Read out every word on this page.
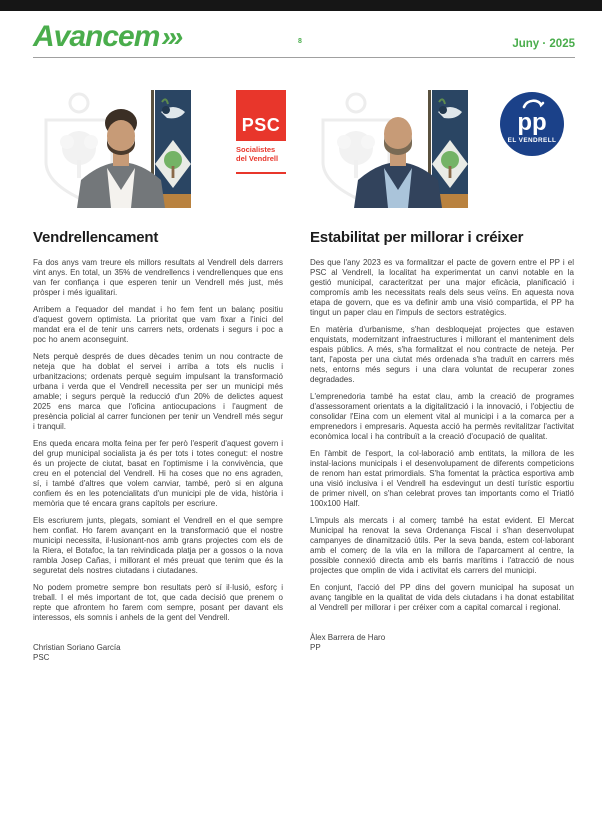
Avancem›››	8	Juny · 2025
PSC
Socialistes
del Vendrell
pp
EL VENDRELL
Vendrellencament

Fa dos anys vam treure els millors resultats al Vendrell dels darrers vint anys. En total, un 35% de vendrellencs i vendrellenques que ens van fer confiança i que esperen tenir un Vendrell més just, més pròsper i més igualitari.

Arribem a l'equador del mandat i ho fem fent un balanç positiu d'aquest govern optimista. La prioritat que vam fixar a l'inici del mandat era el de tenir uns carrers nets, ordenats i segurs i poc a poc ho anem aconseguint.

Nets perquè després de dues dècades tenim un nou contracte de neteja que ha doblat el servei i arriba a tots els nuclis i urbanitzacions; ordenats perquè seguim impulsant la transformació urbana i verda que el Vendrell necessita per ser un municipi més amable; i segurs perquè la reducció d'un 20% de delictes aquest 2025 ens marca que l'oficina antiocupacions i l'augment de presència policial al carrer funcionen per tenir un Vendrell més segur i tranquil.

Ens queda encara molta feina per fer però l'esperit d'aquest govern i del grup municipal socialista ja és per tots i totes conegut: el nostre és un projecte de ciutat, basat en l'optimisme i la convivència, que creu en el potencial del Vendrell. Hi ha coses que no ens agraden, sí, i també d'altres que volem canviar, també, però si en alguna confiem és en les potencialitats d'un municipi ple de vida, història i memòria que té encara grans capítols per escriure.

Els escriurem junts, plegats, somiant el Vendrell en el que sempre hem confiat. Ho farem avançant en la transformació que el nostre municipi necessita, il·lusionant-nos amb grans projectes com els de la Riera, el Botafoc, la tan reivindicada platja per a gossos o la nova rambla Josep Cañas, i millorant el més preuat que tenim que és la seguretat dels nostres ciutadans i ciutadanes.

No podem prometre sempre bon resultats però sí il·lusió, esforç i treball. I el més important de tot, que cada decisió que prenem o repte que afrontem ho farem com sempre, posant per davant els interessos, els somnis i anhels de la gent del Vendrell.

Christian Soriano García
PSC
Estabilitat per millorar i créixer

Des que l'any 2023 es va formalitzar el pacte de govern entre el PP i el PSC al Vendrell, la localitat ha experimentat un canvi notable en la gestió municipal, caracteritzat per una major eficàcia, planificació i compromís amb les necessitats reals dels seus veïns. En aquesta nova etapa de govern, que es va definir amb una visió compartida, el PP ha tingut un paper clau en l'impuls de sectors estratègics.

En matèria d'urbanisme, s'han desbloquejat projectes que estaven enquistats, modernitzant infraestructures i millorant el manteniment dels espais públics. A més, s'ha formalitzat el nou contracte de neteja. Per tant, l'aposta per una ciutat més ordenada s'ha traduït en carrers més nets, entorns més segurs i una clara voluntat de recuperar zones degradades.

L'emprenedoria també ha estat clau, amb la creació de programes d'assessorament orientats a la digitalització i la innovació, i l'objectiu de consolidar l'Eina com un element vital al municipi i a la comarca per a emprenedors i empresaris. Aquesta acció ha permès revitalitzar l'activitat econòmica local i ha contribuït a la creació d'ocupació de qualitat.

En l'àmbit de l'esport, la col·laboració amb entitats, la millora de les instal·lacions municipals i el desenvolupament de diferents competicions de renom han estat primordials. S'ha fomentat la pràctica esportiva amb una visió inclusiva i el Vendrell ha esdevingut un destí turístic esportiu de primer nivell, on s'han celebrat proves tan importants como el Triatló 100x100 Half.

L'impuls als mercats i al comerç també ha estat evident. El Mercat Municipal ha renovat la seva Ordenança Fiscal i s'han desenvolupat campanyes de dinamització útils. Per la seva banda, estem col·laborant amb el comerç de la vila en la millora de l'aparcament al centre, la possible connexió directa amb els barris marítims i l'atracció de nous projectes que omplin de vida i activitat els carrers del municipi.

En conjunt, l'acció del PP dins del govern municipal ha suposat un avanç tangible en la qualitat de vida dels ciutadans i ha donat estabilitat al Vendrell per millorar i per créixer com a capital comarcal i regional.

Àlex Barrera de Haro
PP
